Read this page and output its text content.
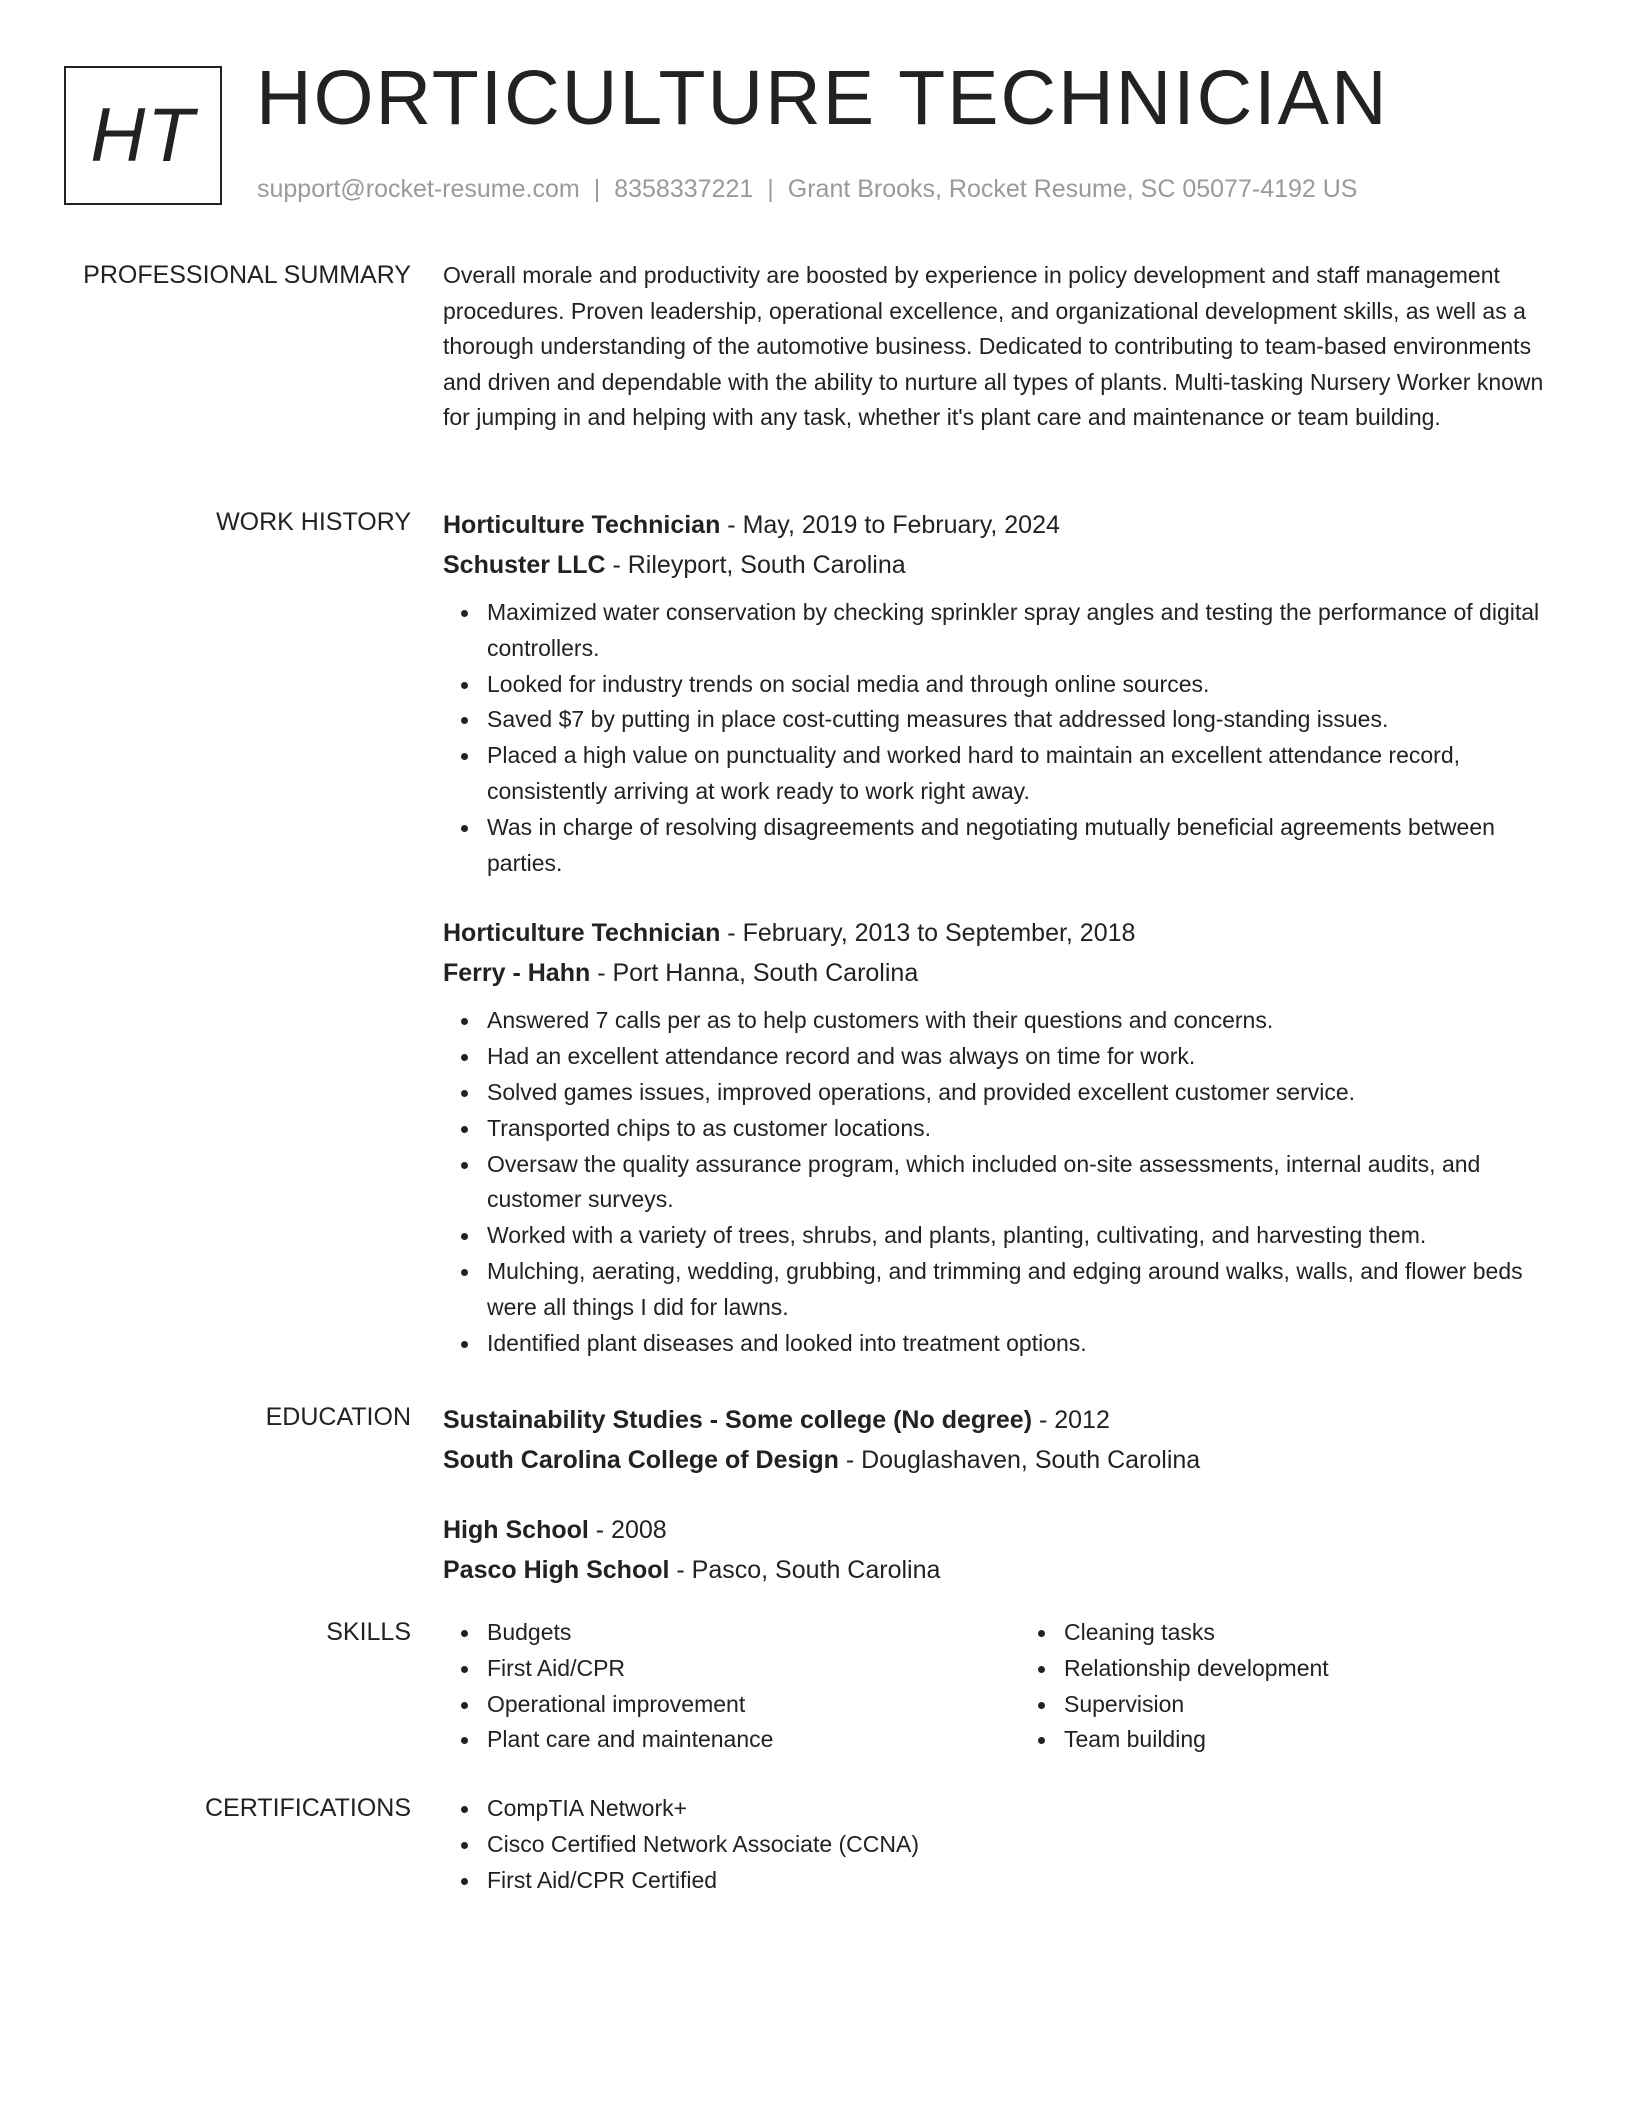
HT HORTICULTURE TECHNICIAN
support@rocket-resume.com | 8358337221 | Grant Brooks, Rocket Resume, SC 05077-4192 US
PROFESSIONAL SUMMARY Overall morale and productivity are boosted by experience in policy development and staff management procedures. Proven leadership, operational excellence, and organizational development skills, as well as a thorough understanding of the automotive business. Dedicated to contributing to team-based environments and driven and dependable with the ability to nurture all types of plants. Multi-tasking Nursery Worker known for jumping in and helping with any task, whether it's plant care and maintenance or team building.

WORK HISTORY Horticulture Technician - May, 2019 to February, 2024
Schuster LLC - Rileyport, South Carolina
Maximized water conservation by checking sprinkler spray angles and testing the performance of digital controllers.
Looked for industry trends on social media and through online sources.
Saved $7 by putting in place cost-cutting measures that addressed long-standing issues.
Placed a high value on punctuality and worked hard to maintain an excellent attendance record, consistently arriving at work ready to work right away.
Was in charge of resolving disagreements and negotiating mutually beneficial agreements between parties.
Horticulture Technician - February, 2013 to September, 2018
Ferry - Hahn - Port Hanna, South Carolina
Answered 7 calls per as to help customers with their questions and concerns.
Had an excellent attendance record and was always on time for work.
Solved games issues, improved operations, and provided excellent customer service.
Transported chips to as customer locations.
Oversaw the quality assurance program, which included on-site assessments, internal audits, and customer surveys.
Worked with a variety of trees, shrubs, and plants, planting, cultivating, and harvesting them.
Mulching, aerating, wedding, grubbing, and trimming and edging around walks, walls, and flower beds were all things I did for lawns.
Identified plant diseases and looked into treatment options.
EDUCATION Sustainability Studies - Some college (No degree) - 2012
South Carolina College of Design - Douglashaven, South Carolina
High School - 2008
Pasco High School - Pasco, South Carolina
SKILLS	Budgets
First Aid/CPR
Operational improvement
Plant care and maintenance
Cleaning tasks
Relationship development
Supervision
Team building
CERTIFICATIONS	CompTIA Network+
Cisco Certified Network Associate (CCNA)
First Aid/CPR Certified
